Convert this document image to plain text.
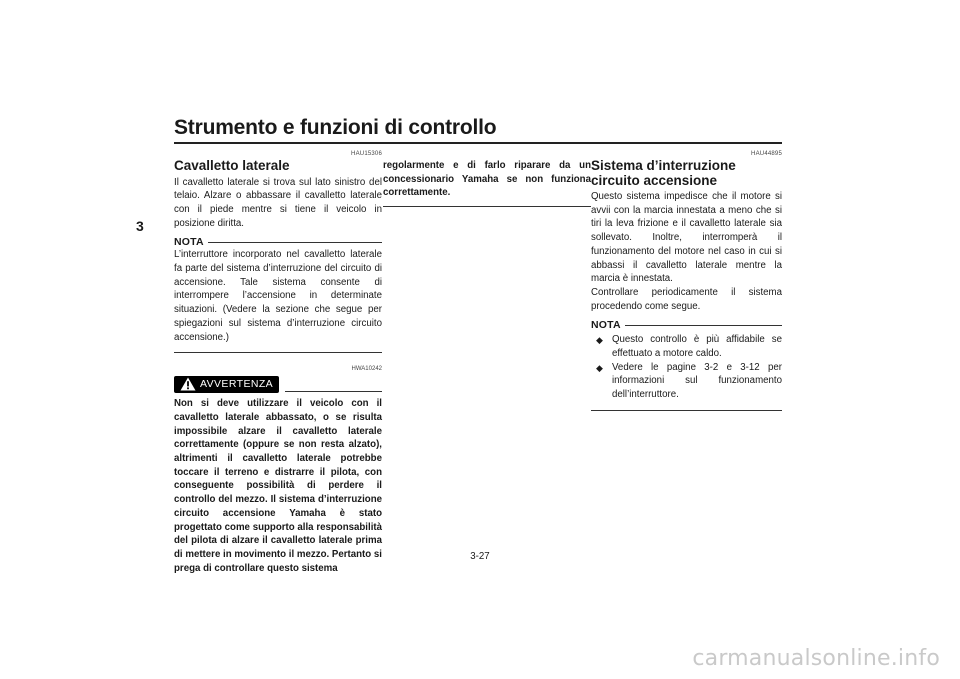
Strumento e funzioni di controllo
3
HAU15306
Cavalletto laterale

Il cavalletto laterale si trova sul lato sinistro del telaio. Alzare o abbassare il cavalletto laterale con il piede mentre si tiene il veicolo in posizione diritta.

NOTA

L’interruttore incorporato nel cavalletto laterale fa parte del sistema d’interruzione del circuito di accensione. Tale sistema consente di interrompere l’accensione in determinate situazioni. (Vedere la sezione che segue per spiegazioni sul sistema d’interruzione circuito accensione.)

HWA10242
AVVERTENZA

Non si deve utilizzare il veicolo con il cavalletto laterale abbassato, o se risulta impossibile alzare il cavalletto laterale correttamente (oppure se non resta alzato), altrimenti il cavalletto laterale potrebbe toccare il terreno e distrarre il pilota, con conseguente possibilità di perdere il controllo del mezzo. Il sistema d’interruzione circuito accensione Yamaha è stato progettato come supporto alla responsabilità del pilota di alzare il cavalletto laterale prima di mettere in movimento il mezzo. Pertanto si prega di controllare questo sistema

regolarmente e di farlo riparare da un concessionario Yamaha se non funziona correttamente.

HAU44895
Sistema d’interruzione circuito accensione

Questo sistema impedisce che il motore si avvii con la marcia innestata a meno che si tiri la leva frizione e il cavalletto laterale sia sollevato. Inoltre, interromperà il funzionamento del motore nel caso in cui si abbassi il cavalletto laterale mentre la marcia è innestata.

Controllare periodicamente il sistema procedendo come segue.

NOTA
◆ Questo controllo è più affidabile se effettuato a motore caldo.
◆ Vedere le pagine 3-2 e 3-12 per informazioni sul funzionamento dell’interruttore.
3-27
carmanualsonline.info
